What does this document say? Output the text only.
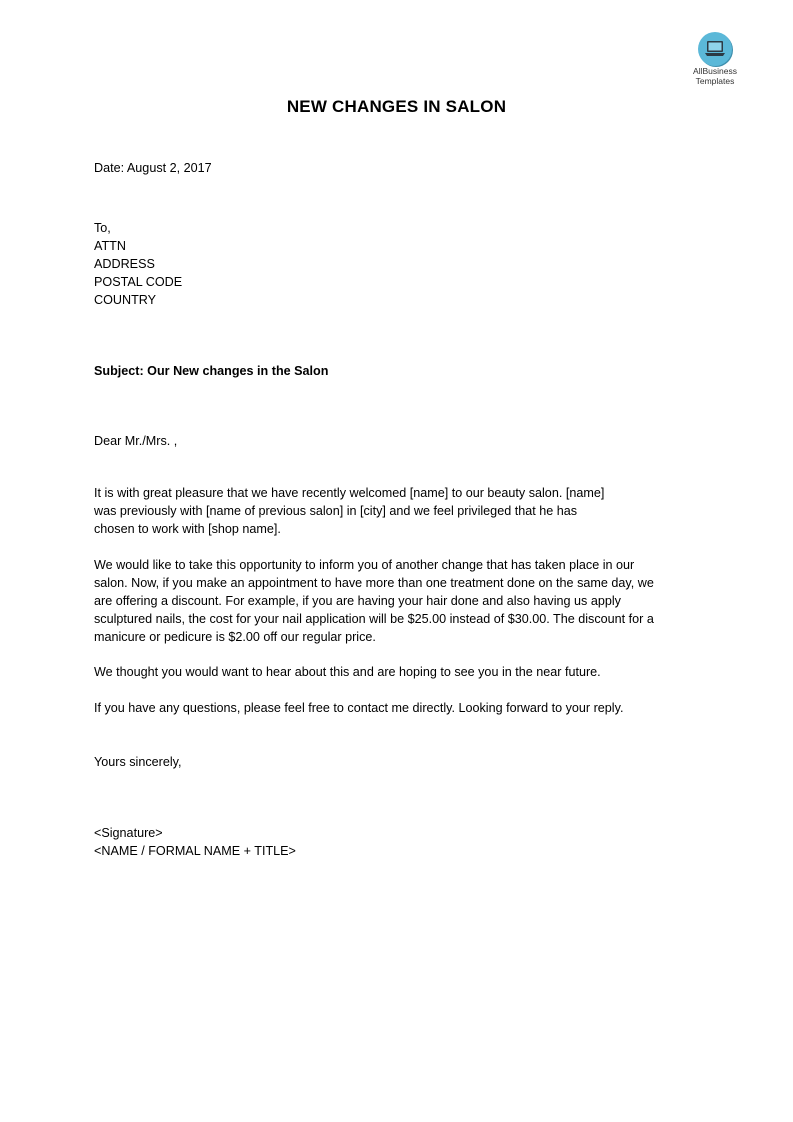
AllBusiness
Templates
NEW CHANGES IN SALON
Date: August 2, 2017
To,
ATTN
ADDRESS
POSTAL CODE
COUNTRY
Subject: Our New changes in the Salon
Dear Mr./Mrs. ,
It is with great pleasure that we have recently welcomed [name] to our beauty salon. [name]
was previously with [name of previous salon] in [city] and we feel privileged that he has
chosen to work with [shop name].
We would like to take this opportunity to inform you of another change that has taken place in our
salon. Now, if you make an appointment to have more than one treatment done on the same day, we
are offering a discount. For example, if you are having your hair done and also having us apply
sculptured nails, the cost for your nail application will be $25.00 instead of $30.00. The discount for a
manicure or pedicure is $2.00 off our regular price.
We thought you would want to hear about this and are hoping to see you in the near future.
If you have any questions, please feel free to contact me directly. Looking forward to your reply.
Yours sincerely,
<Signature>
<NAME / FORMAL NAME + TITLE>
